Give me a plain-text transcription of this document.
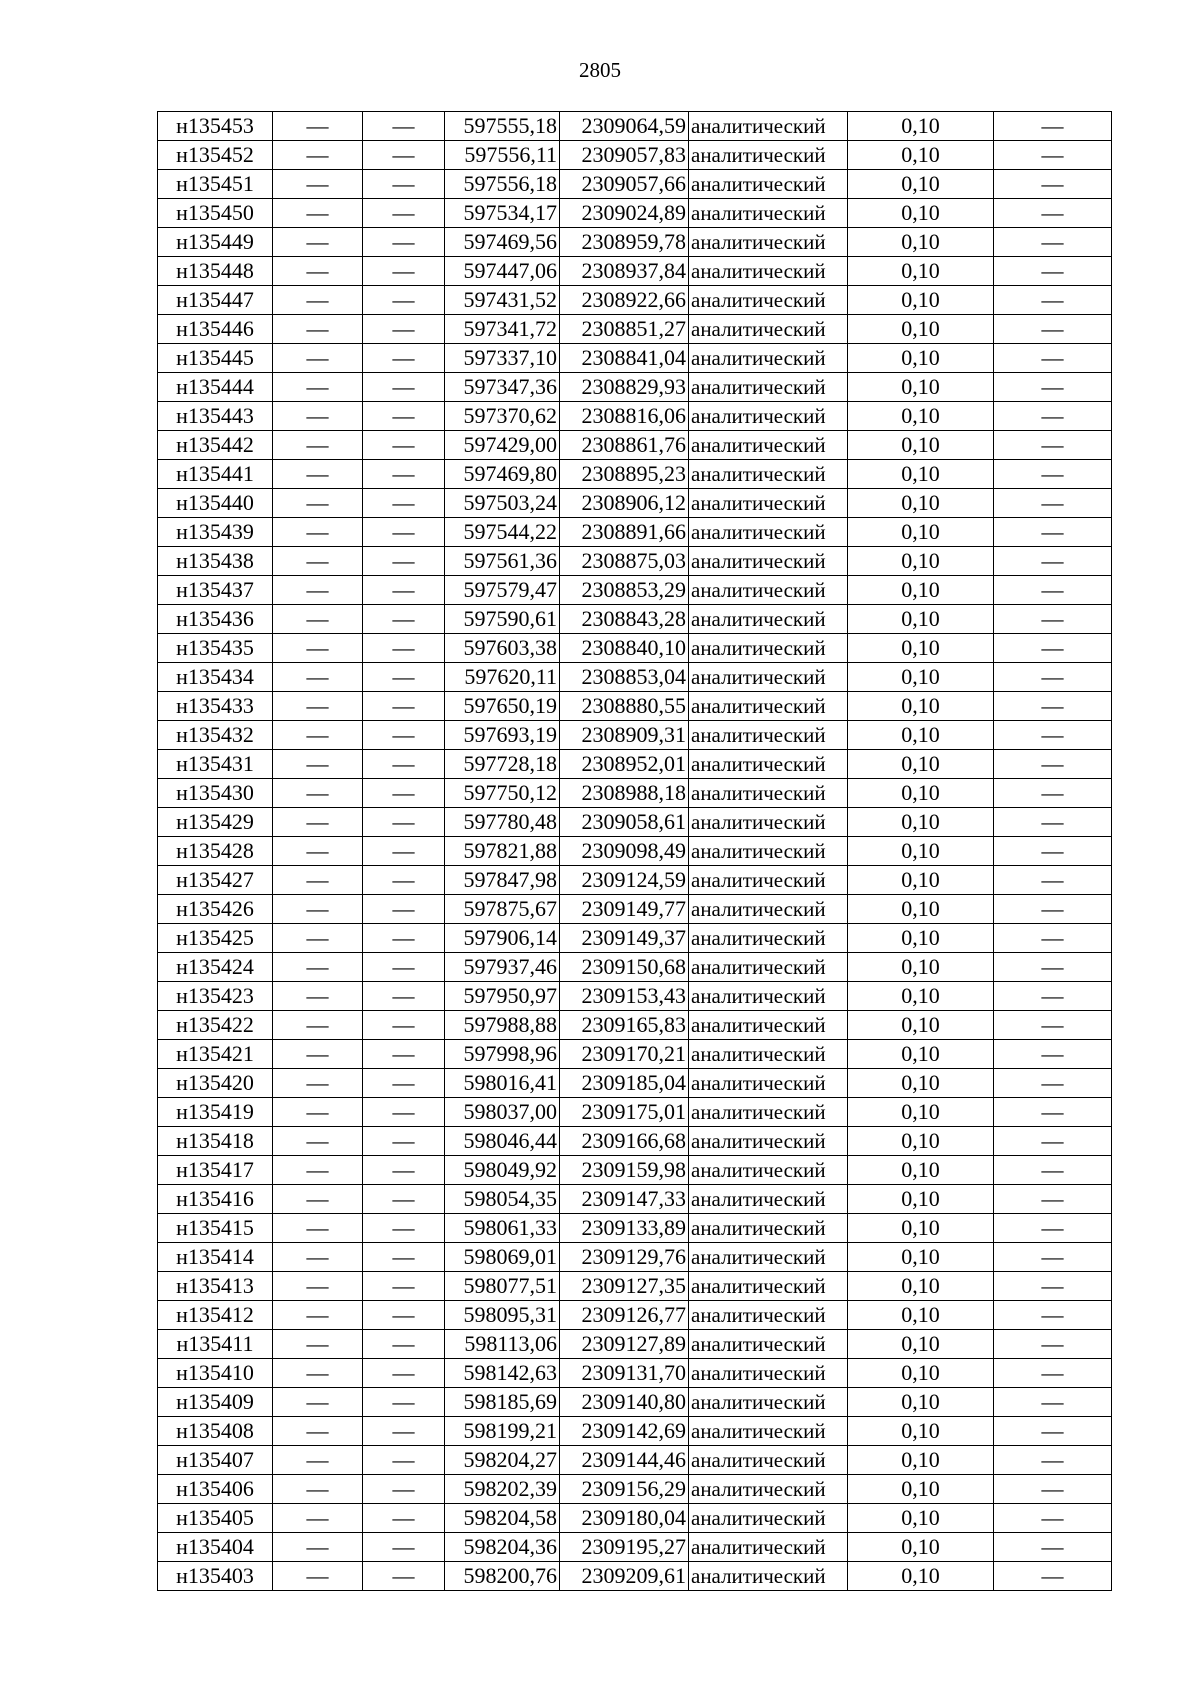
2805
н135453	—	—	597555,18	2309064,59	аналитический	0,10	—
н135452	—	—	597556,11	2309057,83	аналитический	0,10	—
н135451	—	—	597556,18	2309057,66	аналитический	0,10	—
н135450	—	—	597534,17	2309024,89	аналитический	0,10	—
н135449	—	—	597469,56	2308959,78	аналитический	0,10	—
н135448	—	—	597447,06	2308937,84	аналитический	0,10	—
н135447	—	—	597431,52	2308922,66	аналитический	0,10	—
н135446	—	—	597341,72	2308851,27	аналитический	0,10	—
н135445	—	—	597337,10	2308841,04	аналитический	0,10	—
н135444	—	—	597347,36	2308829,93	аналитический	0,10	—
н135443	—	—	597370,62	2308816,06	аналитический	0,10	—
н135442	—	—	597429,00	2308861,76	аналитический	0,10	—
н135441	—	—	597469,80	2308895,23	аналитический	0,10	—
н135440	—	—	597503,24	2308906,12	аналитический	0,10	—
н135439	—	—	597544,22	2308891,66	аналитический	0,10	—
н135438	—	—	597561,36	2308875,03	аналитический	0,10	—
н135437	—	—	597579,47	2308853,29	аналитический	0,10	—
н135436	—	—	597590,61	2308843,28	аналитический	0,10	—
н135435	—	—	597603,38	2308840,10	аналитический	0,10	—
н135434	—	—	597620,11	2308853,04	аналитический	0,10	—
н135433	—	—	597650,19	2308880,55	аналитический	0,10	—
н135432	—	—	597693,19	2308909,31	аналитический	0,10	—
н135431	—	—	597728,18	2308952,01	аналитический	0,10	—
н135430	—	—	597750,12	2308988,18	аналитический	0,10	—
н135429	—	—	597780,48	2309058,61	аналитический	0,10	—
н135428	—	—	597821,88	2309098,49	аналитический	0,10	—
н135427	—	—	597847,98	2309124,59	аналитический	0,10	—
н135426	—	—	597875,67	2309149,77	аналитический	0,10	—
н135425	—	—	597906,14	2309149,37	аналитический	0,10	—
н135424	—	—	597937,46	2309150,68	аналитический	0,10	—
н135423	—	—	597950,97	2309153,43	аналитический	0,10	—
н135422	—	—	597988,88	2309165,83	аналитический	0,10	—
н135421	—	—	597998,96	2309170,21	аналитический	0,10	—
н135420	—	—	598016,41	2309185,04	аналитический	0,10	—
н135419	—	—	598037,00	2309175,01	аналитический	0,10	—
н135418	—	—	598046,44	2309166,68	аналитический	0,10	—
н135417	—	—	598049,92	2309159,98	аналитический	0,10	—
н135416	—	—	598054,35	2309147,33	аналитический	0,10	—
н135415	—	—	598061,33	2309133,89	аналитический	0,10	—
н135414	—	—	598069,01	2309129,76	аналитический	0,10	—
н135413	—	—	598077,51	2309127,35	аналитический	0,10	—
н135412	—	—	598095,31	2309126,77	аналитический	0,10	—
н135411	—	—	598113,06	2309127,89	аналитический	0,10	—
н135410	—	—	598142,63	2309131,70	аналитический	0,10	—
н135409	—	—	598185,69	2309140,80	аналитический	0,10	—
н135408	—	—	598199,21	2309142,69	аналитический	0,10	—
н135407	—	—	598204,27	2309144,46	аналитический	0,10	—
н135406	—	—	598202,39	2309156,29	аналитический	0,10	—
н135405	—	—	598204,58	2309180,04	аналитический	0,10	—
н135404	—	—	598204,36	2309195,27	аналитический	0,10	—
н135403	—	—	598200,76	2309209,61	аналитический	0,10	—
